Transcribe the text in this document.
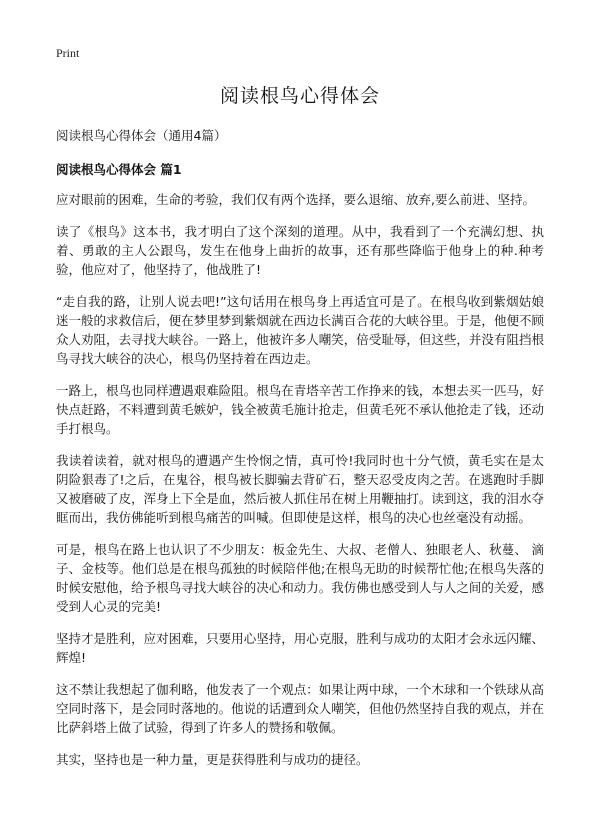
Print
阅读根鸟心得体会
阅读根鸟心得体会（通用4篇）
阅读根鸟心得体会 篇1

应对眼前的困难，生命的考验，我们仅有两个选择，要么退缩、放弃,要么前进、坚持。

读了《根鸟》这本书，我才明白了这个深刻的道理。从中，我看到了一个充满幻想、执着、勇敢的主人公跟鸟，发生在他身上曲折的故事，还有那些降临于他身上的种.种考验，他应对了，他坚持了，他战胜了!

“走自我的路，让别人说去吧!”这句话用在根鸟身上再适宜可是了。在根鸟收到紫烟姑娘迷一般的求救信后，便在梦里梦到紫烟就在西边长满百合花的大峡谷里。于是，他便不顾众人劝阻，去寻找大峡谷。一路上，他被许多人嘲笑，倍受耻辱，但这些，并没有阻挡根鸟寻找大峡谷的决心，根鸟仍坚持着在西边走。

一路上，根鸟也同样遭遇艰难险阻。根鸟在青塔辛苦工作挣来的钱，本想去买一匹马，好快点赶路，不料遭到黄毛嫉妒，钱全被黄毛施计抢走，但黄毛死不承认他抢走了钱，还动手打根鸟。

我读着读着，就对根鸟的遭遇产生怜悯之情，真可怜!我同时也十分气愤，黄毛实在是太阴险狠毒了!之后，在鬼谷，根鸟被长脚骗去背矿石，整天忍受皮肉之苦。在逃跑时手脚又被磨破了皮，浑身上下全是血，然后被人抓住吊在树上用鞭抽打。读到这，我的泪水夺眶而出，我仿佛能听到根鸟痛苦的叫喊。但即使是这样，根鸟的决心也丝毫没有动摇。

可是，根鸟在路上也认识了不少朋友：板金先生、大叔、老僧人、独眼老人、秋蔓、 滴子、金枝等。他们总是在根鸟孤独的时候陪伴他;在根鸟无助的时候帮忙他;在根鸟失落的时候安慰他，给予根鸟寻找大峡谷的决心和动力。我仿佛也感受到人与人之间的关爱，感受到人心灵的完美!

坚持才是胜利，应对困难，只要用心坚持，用心克服，胜利与成功的太阳才会永远闪耀、辉煌!

这不禁让我想起了伽利略，他发表了一个观点：如果让两中球，一个木球和一个铁球从高空同时落下，是会同时落地的。他说的话遭到众人嘲笑，但他仍然坚持自我的观点，并在比萨斜塔上做了试验，得到了许多人的赞扬和敬佩。

其实，坚持也是一种力量，更是获得胜利与成功的捷径。
